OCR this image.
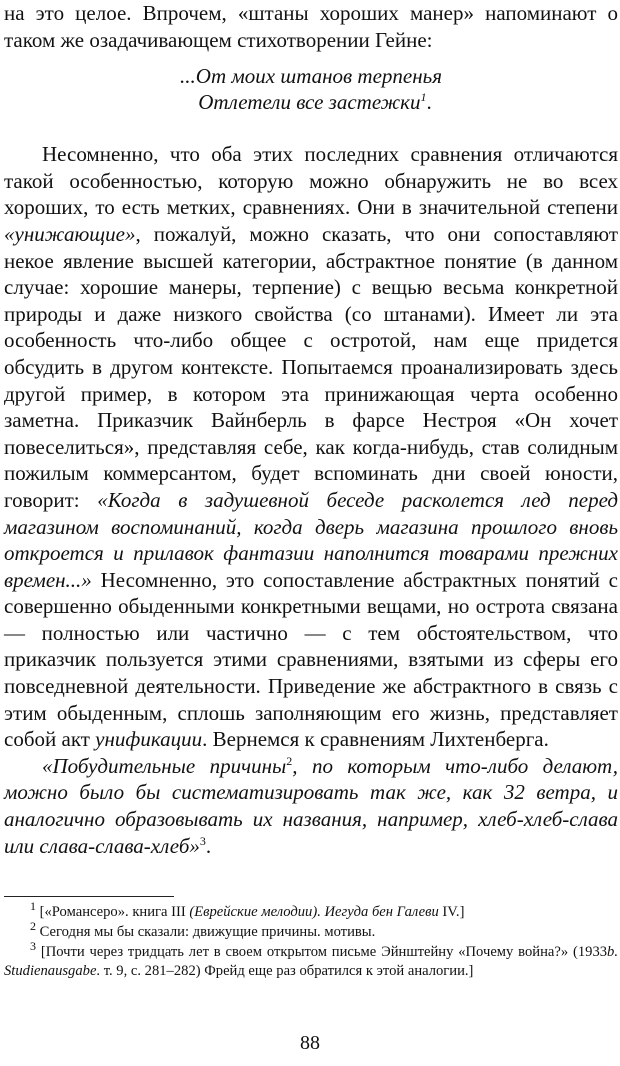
на это целое. Впрочем, «штаны хороших манер» напоминают о таком же озадачивающем стихотворении Гейне:

...От моих штанов терпенья
Отлетели все застежки$^1$.

Несомненно, что оба этих последних сравнения отличаются такой особенностью, которую можно обнаружить не во всех хороших, то есть метких, сравнениях. Они в значительной степени «унижающие», пожалуй, можно сказать, что они сопоставляют некое явление высшей категории, абстрактное понятие (в данном случае: хорошие манеры, терпение) с вещью весьма конкретной природы и даже низкого свойства (со штанами). Имеет ли эта особенность что-либо общее с остротой, нам еще придется обсудить в другом контексте. Попытаемся проанализировать здесь другой пример, в котором эта принижающая черта особенно заметна. Приказчик Вайнберль в фарсе Нестроя «Он хочет повеселиться», представляя себе, как когда-нибудь, став солидным пожилым коммерсантом, будет вспоминать дни своей юности, говорит: «Когда в задушевной беседе расколется лед перед магазином воспоминаний, когда дверь магазина прошлого вновь откроется и прилавок фантазии наполнится товарами прежних времен...» Несомненно, это сопоставление абстрактных понятий с совершенно обыденными конкретными вещами, но острота связана — полностью или частично — с тем обстоятельством, что приказчик пользуется этими сравнениями, взятыми из сферы его повседневной деятельности. Приведение же абстрактного в связь с этим обыденным, сплошь заполняющим его жизнь, представляет собой акт унификации. Вернемся к сравнениям Лихтенберга.

«Побудительные причины$^2$, по которым что-либо делают, можно было бы систематизировать так же, как 32 ветра, и аналогично образовывать их названия, например, хлеб-хлеб-слава или слава-слава-хлеб»$^3$.

$^1$ [«Романсеро». книга III (Еврейские мелодии). Иегуда бен Галеви IV.]

$^2$ Сегодня мы бы сказали: движущие причины. мотивы.

$^3$ [Почти через тридцать лет в своем открытом письме Эйнштейну «Почему война?» (1933b. Studienausgabe. т. 9, с. 281–282) Фрейд еще раз обратился к этой аналогии.]

88
